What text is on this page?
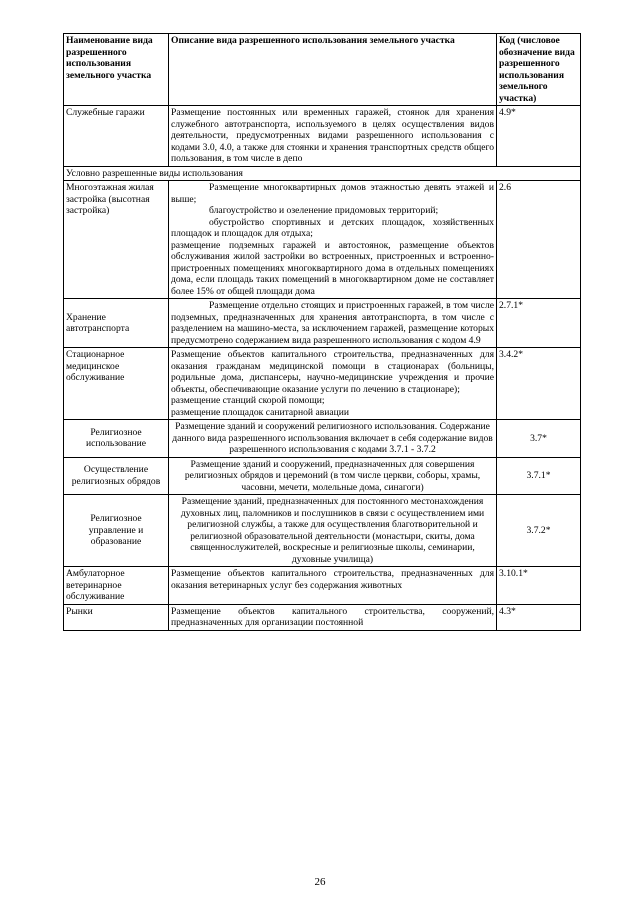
Наименование вида разрешенного использования земельного участка	Описание вида разрешенного использования земельного участка	Код (числовое обозначение вида разрешенного использования земельного участка)
Служебные гаражи	Размещение постоянных или временных гаражей, стоянок для хранения служебного автотранспорта, используемого в целях осуществления видов деятельности, предусмотренных видами разрешенного использования с кодами 3.0, 4.0, а также для стоянки и хранения транспортных средств общего пользования, в том числе в депо	4.9*
Условно разрешенные виды использования		
Многоэтажная жилая застройка (высотная застройка)	Размещение многоквартирных домов этажностью девять этажей и выше;

благоустройство и озеленение придомовых территорий;

обустройство спортивных и детских площадок, хозяйственных площадок и площадок для отдыха;

размещение подземных гаражей и автостоянок, размещение объектов обслуживания жилой застройки во встроенных, пристроенных и встроенно-пристроенных помещениях многоквартирного дома в отдельных помещениях дома, если площадь таких помещений в многоквартирном доме не составляет более 15% от общей площади дома	2.6
Хранение автотранспорта	Размещение отдельно стоящих и пристроенных гаражей, в том числе подземных, предназначенных для хранения автотранспорта, в том числе с разделением на машино-места, за исключением гаражей, размещение которых предусмотрено содержанием вида разрешенного использования с кодом 4.9	2.7.1*
Стационарное медицинское обслуживание	Размещение объектов капитального строительства, предназначенных для оказания гражданам медицинской помощи в стационарах (больницы, родильные дома, диспансеры, научно-медицинские учреждения и прочие объекты, обеспечивающие оказание услуги по лечению в стационаре);

размещение станций скорой помощи;

размещение площадок санитарной авиации	3.4.2*
Религиозное использование	Размещение зданий и сооружений религиозного использования. Содержание данного вида разрешенного использования включает в себя содержание видов разрешенного использования с кодами 3.7.1 - 3.7.2	3.7*
Осуществление религиозных обрядов	Размещение зданий и сооружений, предназначенных для совершения религиозных обрядов и церемоний (в том числе церкви, соборы, храмы, часовни, мечети, молельные дома, синагоги)	3.7.1*
Религиозное управление и образование	Размещение зданий, предназначенных для постоянного местонахождения духовных лиц, паломников и послушников в связи с осуществлением ими религиозной службы, а также для осуществления благотворительной и религиозной образовательной деятельности (монастыри, скиты, дома священнослужителей, воскресные и религиозные школы, семинарии, духовные училища)	3.7.2*
Амбулаторное ветеринарное обслуживание	Размещение объектов капитального строительства, предназначенных для оказания ветеринарных услуг без содержания животных	3.10.1*
Рынки	Размещение объектов капитального строительства, сооружений, предназначенных для организации постоянной	4.3*
26
